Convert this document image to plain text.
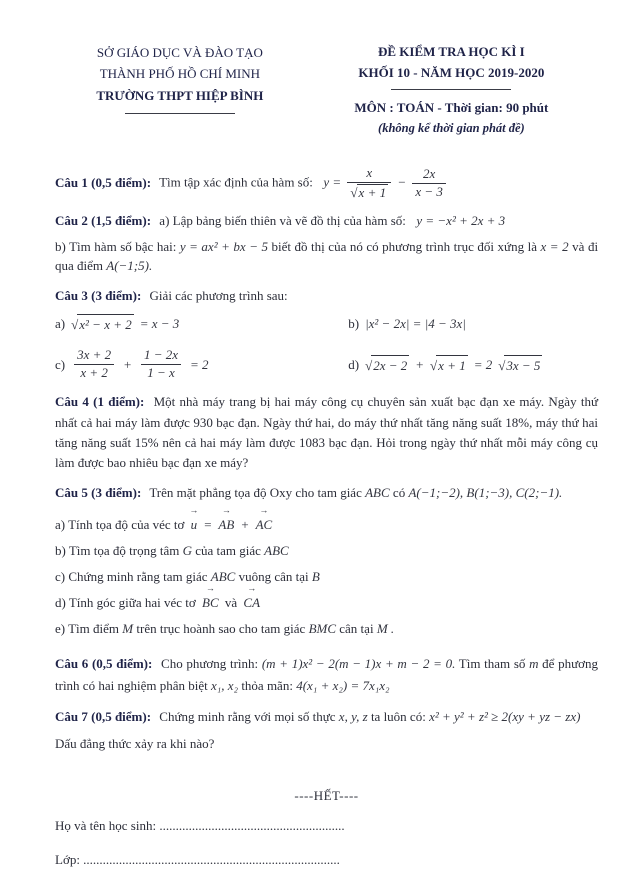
SỞ GIÁO DỤC VÀ ĐÀO TẠO
THÀNH PHỐ HỒ CHÍ MINH
TRƯỜNG THPT HIỆP BÌNH
ĐỀ KIỂM TRA HỌC KÌ I
KHỐI 10 - NĂM HỌC 2019-2020
MÔN : TOÁN - Thời gian: 90 phút
(không kể thời gian phát đề)
Câu 1 (0,5 điểm): Tìm tập xác định của hàm số: $y = \frac{x}{√x + 1} - \frac{2x}{x - 3}$
Câu 2 (1,5 điểm): a) Lập bảng biến thiên và vẽ đồ thị của hàm số: y = −x² + 2x + 3
b) Tìm hàm số bậc hai: y = ax² + bx − 5 biết đồ thị của nó có phương trình trục đối xứng là x = 2 và đi qua điểm A(−1;5).
Câu 3 (3 điểm): Giải các phương trình sau:
a) √x² − x + 2 = x − 3	b) |x² − 2x| = |4 − 3x|
$c) \frac{3x + 2}{x + 2} + \frac{1 - 2x}{1 - x} = 2$	d) √2x − 2 + √x + 1 = 2 √3x − 5
Câu 4 (1 điểm): Một nhà máy trang bị hai máy công cụ chuyên sản xuất bạc đạn xe máy. Ngày thứ nhất cả hai máy làm được 930 bạc đạn. Ngày thứ hai, do máy thứ nhất tăng năng suất 18%, máy thứ hai tăng năng suất 15% nên cả hai máy làm được 1083 bạc đạn. Hỏi trong ngày thứ nhất mỗi máy công cụ làm được bao nhiêu bạc đạn xe máy?
Câu 5 (3 điểm): Trên mặt phẳng tọa độ Oxy cho tam giác ABC có A(−1;−2), B(1;−3), C(2;−1).
a) Tính tọa độ của véc tơ
→
u =
→
AB +
→
AC
b) Tìm tọa độ trọng tâm G của tam giác ABC
c) Chứng minh rằng tam giác ABC vuông cân tại B
d) Tính góc giữa hai véc tơ
→
BC và
→
CA
e) Tìm điểm M trên trục hoành sao cho tam giác BMC cân tại M .
Câu 6 (0,5 điểm): Cho phương trình: (m + 1)x² − 2(m − 1)x + m − 2 = 0. Tìm tham số m để phương trình có hai nghiệm phân biệt x₁, x₂ thỏa mãn: 4(x₁ + x₂) = 7x₁x₂
Câu 7 (0,5 điểm): Chứng minh rằng với mọi số thực x, y, z ta luôn có: x² + y² + z² ≥ 2(xy + yz − zx)
Dấu đẳng thức xảy ra khi nào?
----HẾT----
Họ và tên học sinh: .........................................................
Lớp: ...............................................................................
